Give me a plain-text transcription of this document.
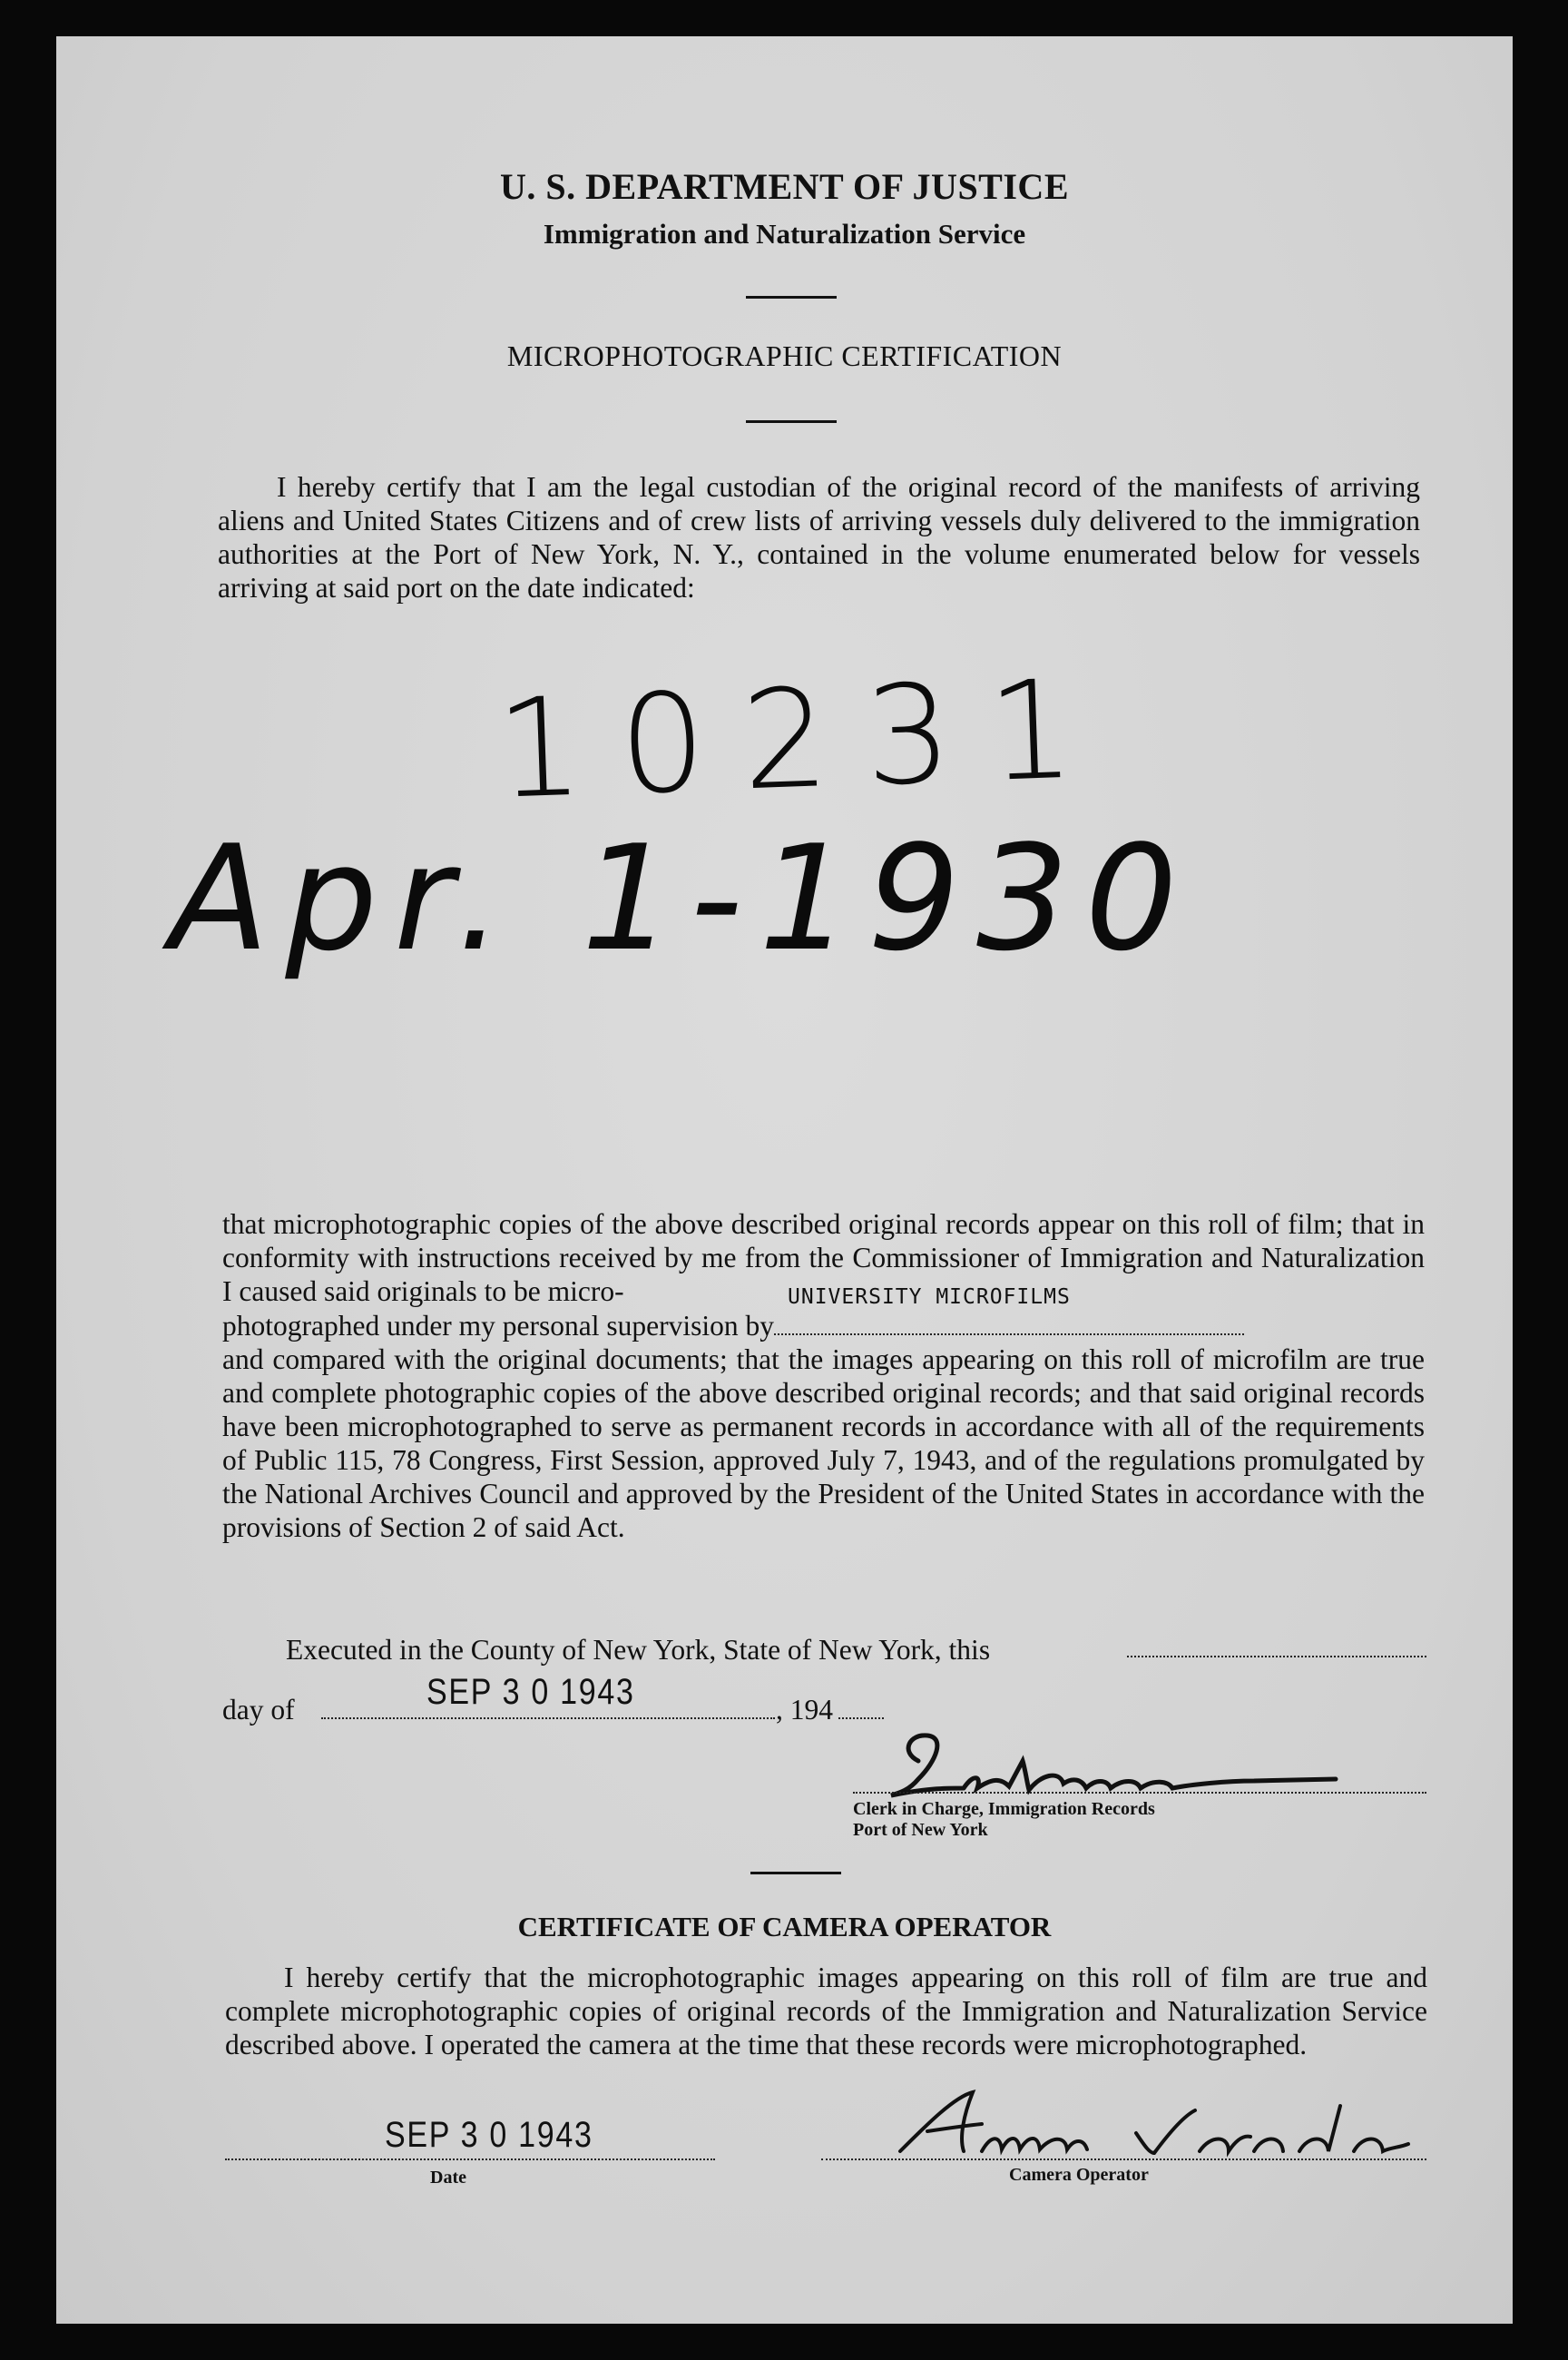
U. S. DEPARTMENT OF JUSTICE
Immigration and Naturalization Service
MICROPHOTOGRAPHIC CERTIFICATION

I hereby certify that I am the legal custodian of the original record of the manifests of arriving aliens and United States Citizens and of crew lists of arriving vessels duly delivered to the immigration authorities at the Port of New York, N. Y., contained in the volume enumerated below for vessels arriving at said port on the date indicated:

10231
Apr. 1-1930

that microphotographic copies of the above described original records appear on this roll of film; that in conformity with instructions received by me from the Commissioner of Immigration and Naturalization I caused said originals to be micro-

photographed under my personal supervision by
UNIVERSITY MICROFILMS

and compared with the original documents; that the images appearing on this roll of microfilm are true and complete photographic copies of the above described original records; and that said original records have been microphotographed to serve as permanent records in accordance with all of the requirements of Public 115, 78 Congress, First Session, approved July 7, 1943, and of the regulations promulgated by the National Archives Council and approved by the President of the United States in accordance with the provisions of Section 2 of said Act.

Executed in the County of New York, State of New York, this
day of	SEP 3 0 1943	, 194
Clerk in Charge, Immigration Records
Port of New York
CERTIFICATE OF CAMERA OPERATOR

I hereby certify that the microphotographic images appearing on this roll of film are true and complete microphotographic copies of original records of the Immigration and Naturalization Service described above. I operated the camera at the time that these records were microphotographed.

SEP 3 0 1943
Date	Camera Operator
